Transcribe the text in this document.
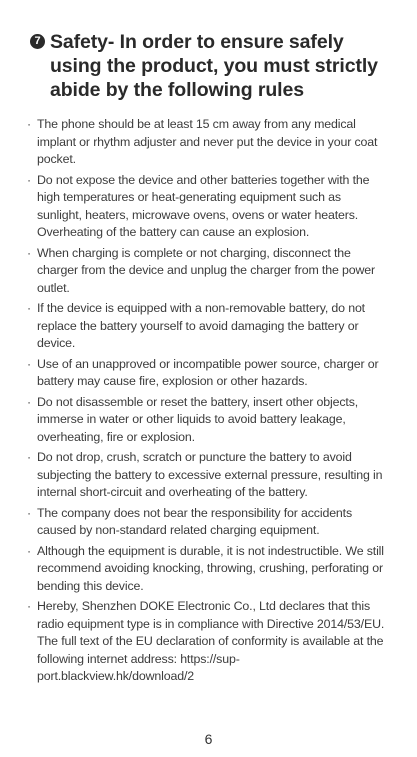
7 Safety- In order to ensure safely using the product, you must strictly abide by the following rules
· The phone should be at least 15 cm away from any medical implant or rhythm adjuster and never put the device in your coat pocket.
· Do not expose the device and other batteries together with the high temperatures or heat-generating equipment such as sunlight, heaters, microwave ovens, ovens or water heaters. Overheating of the battery can cause an explosion.
· When charging is complete or not charging, disconnect the charger from the device and unplug the charger from the power outlet.
· If the device is equipped with a non-removable battery, do not replace the battery yourself to avoid damaging the battery or device.
· Use of an unapproved or incompatible power source, charger or battery may cause fire, explosion or other hazards.
· Do not disassemble or reset the battery, insert other objects, immerse in water or other liquids to avoid battery leakage, overheating, fire or explosion.
· Do not drop, crush, scratch or puncture the battery to avoid subjecting the battery to excessive external pressure, resulting in internal short-circuit and overheating of the battery.
· The company does not bear the responsibility for accidents caused by non-standard related charging equipment.
· Although the equipment is durable, it is not indestructible. We still recommend avoiding knocking, throwing, crushing, perforating or bending this device.
· Hereby, Shenzhen DOKE Electronic Co., Ltd declares that this radio equipment type is in compliance with Directive 2014/53/EU. The full text of the EU declaration of conformity is available at the following internet address: https://sup-port.blackview.hk/download/2
6
